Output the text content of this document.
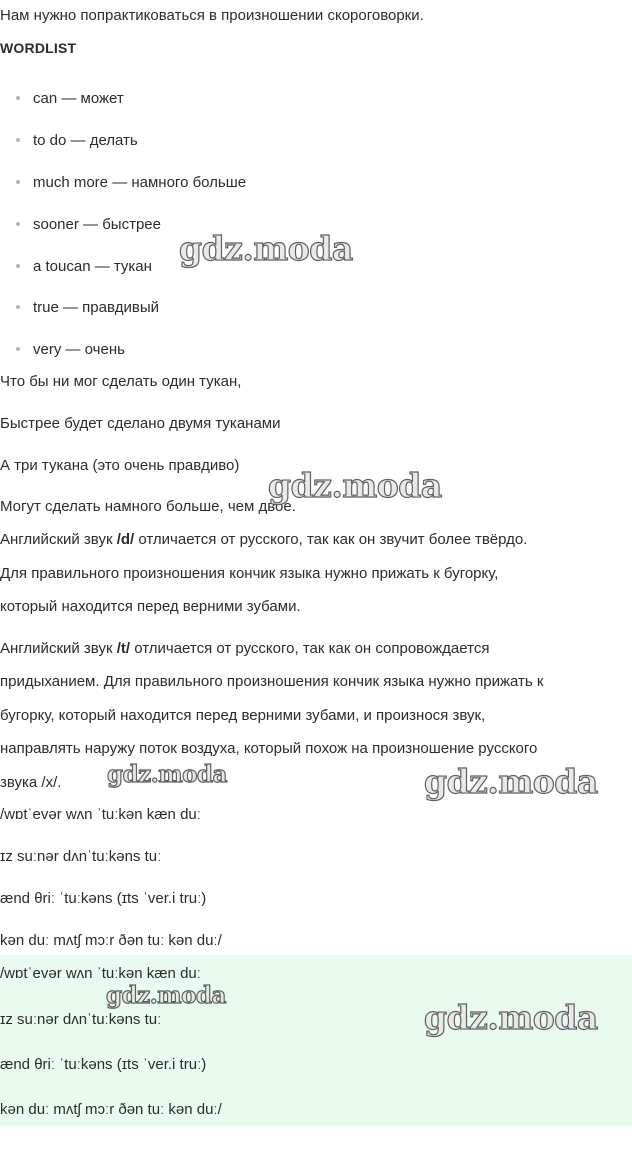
Нам нужно попрактиковаться в произношении скороговорки.
WORDLIST
can — может
to do — делать
much more — намного больше
sooner — быстрее
a toucan — тукан
true — правдивый
very — очень
Что бы ни мог сделать один тукан,
Быстрее будет сделано двумя туканами
А три тукана (это очень правдиво)
Могут сделать намного больше, чем двое.
Английский звук /d/ отличается от русского, так как он звучит более твёрдо.
Для правильного произношения кончик языка нужно прижать к бугорку,
который находится перед верними зубами.
Английский звук /t/ отличается от русского, так как он сопровождается
придыханием. Для правильного произношения кончик языка нужно прижать к
бугорку, который находится перед верними зубами, и произнося звук,
направлять наружу поток воздуха, который похож на произношение русского
звука /х/.
/wɒtˈevər wʌn ˈtuːkən kæn duː
ɪz suːnər dʌnˈtuːkəns tuː
ænd θriː ˈtuːkəns (ɪts ˈver.i truː)
kən duː mʌtʃ mɔːr ðən tuː kən duː/
/wɒtˈevər wʌn ˈtuːkən kæn duː
ɪz suːnər dʌnˈtuːkəns tuː
ænd θriː ˈtuːkəns (ɪts ˈver.i truː)
kən duː mʌtʃ mɔːr ðən tuː kən duː/
gdz.moda
gdz.moda
gdz.moda	gdz.moda
gdz.moda
gdz.moda
